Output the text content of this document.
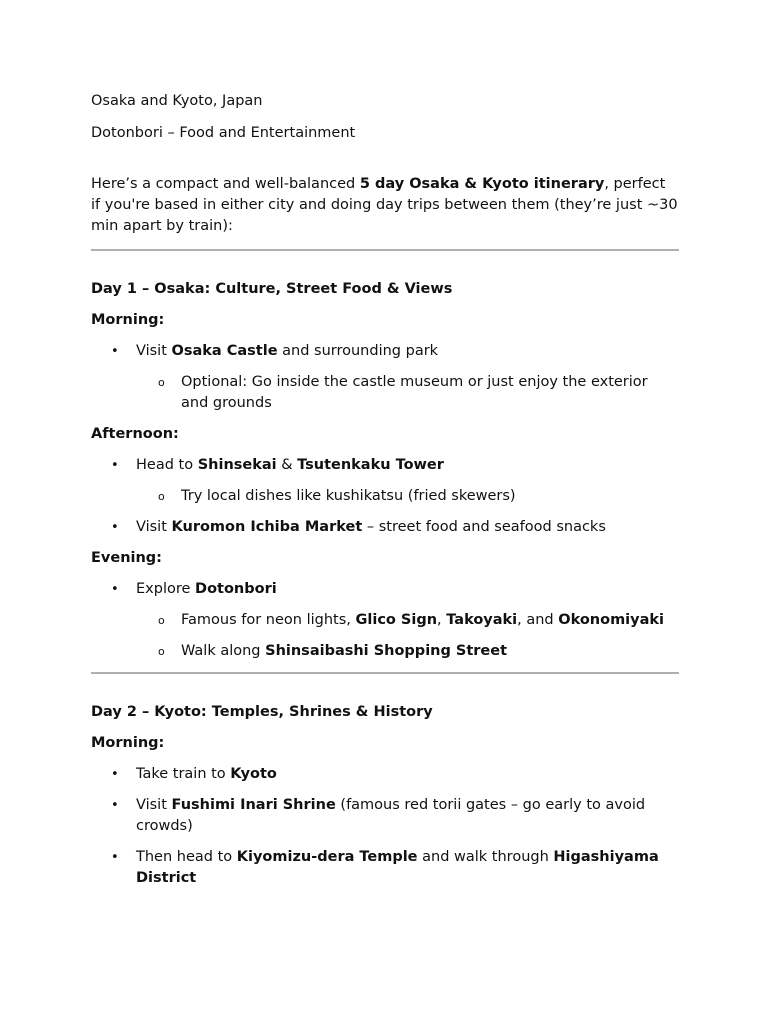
Osaka and Kyoto, Japan

Dotonbori – Food and Entertainment

Here’s a compact and well-balanced 5 day Osaka & Kyoto itinerary, perfect if you're based in either city and doing day trips between them (they’re just ~30 min apart by train):

Day 1 – Osaka: Culture, Street Food & Views

Morning:

• Visit Osaka Castle and surrounding park
o Optional: Go inside the castle museum or just enjoy the exterior and grounds

Afternoon:

• Head to Shinsekai & Tsutenkaku Tower
o Try local dishes like kushikatsu (fried skewers)
• Visit Kuromon Ichiba Market – street food and seafood snacks

Evening:

• Explore Dotonbori
o Famous for neon lights, Glico Sign, Takoyaki, and Okonomiyaki
o Walk along Shinsaibashi Shopping Street

Day 2 – Kyoto: Temples, Shrines & History

Morning:

• Take train to Kyoto
• Visit Fushimi Inari Shrine (famous red torii gates – go early to avoid crowds)
• Then head to Kiyomizu-dera Temple and walk through Higashiyama District
